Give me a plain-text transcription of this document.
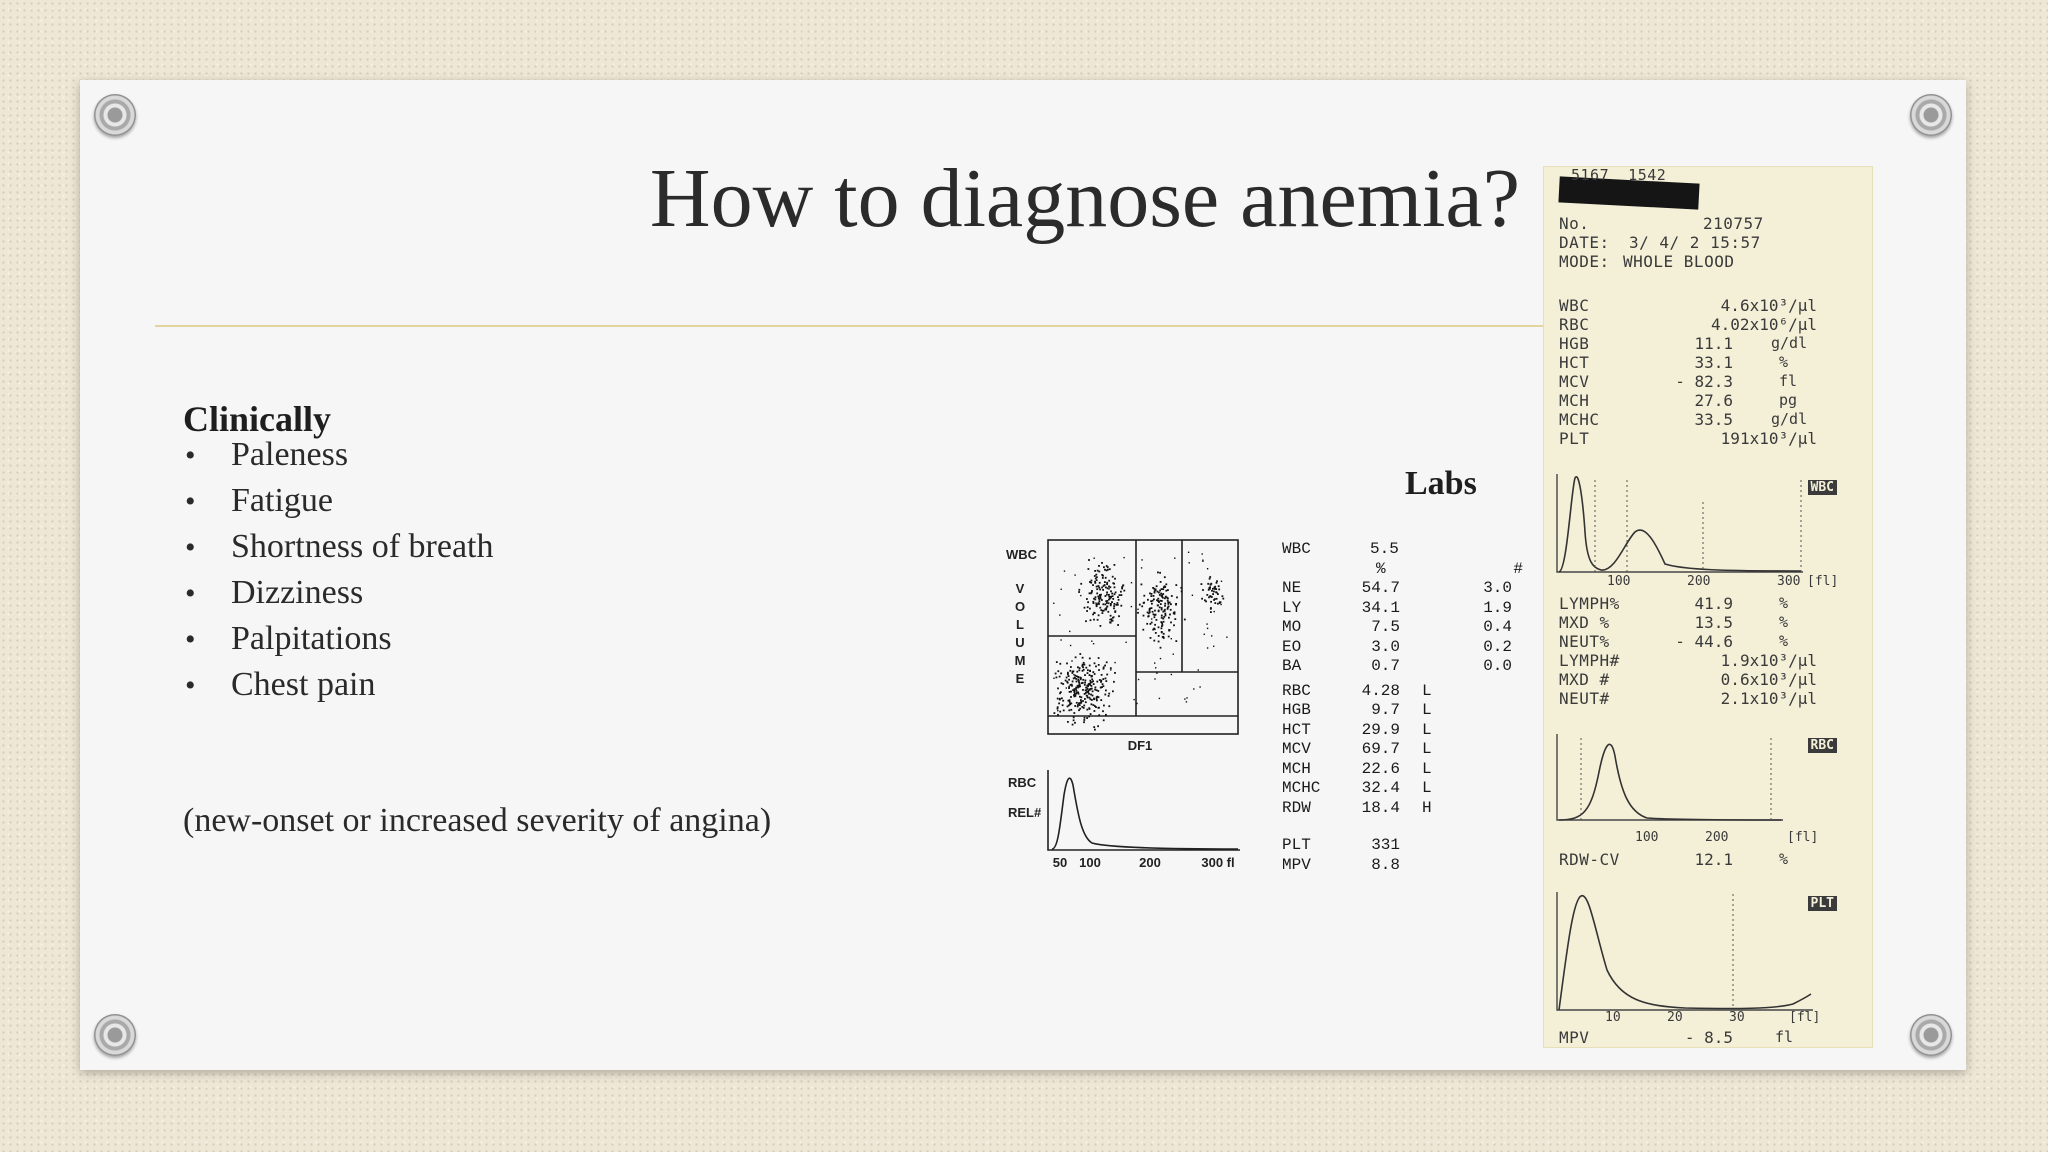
How to diagnose anemia?
Clinically
• Paleness
• Fatigue
• Shortness of breath
• Dizziness
• Palpitations
• Chest pain
(new-onset or increased severity of angina)
Labs
WBC
V
O
L
U
M
E
DF1
RBC
REL#
50 100	200	300 fl
WBC	5.5
%	#
NE	54.7	3.0
LY	34.1	1.9
MO	7.5	0.4
EO	3.0	0.2
BA	0.7	0.0
RBC	4.28 L
HGB	9.7 L
HCT	29.9 L
MCV	69.7 L
MCH	22.6 L
MCHC	32.4 L
RDW	18.4 H
PLT	331
MPV	8.8
5167  1542
No.	210757
DATE: 3/ 4/ 2 15:57
MODE: WHOLE BLOOD
WBC	4.6x10³/μl
RBC	4.02x10⁶/μl
HGB	11.1	g/dl
HCT	33.1	%
MCV	- 82.3	fl
MCH	27.6	pg
MCHC	33.5	g/dl
PLT	191x10³/μl
WBC
100	200	300 [fl]
LYMPH%	41.9	%
MXD %	13.5	%
NEUT%	- 44.6	%
LYMPH#	1.9x10³/μl
MXD #	0.6x10³/μl
NEUT#	2.1x10³/μl
RBC
100	200	[fl]
RDW-CV	12.1	%
PLT
10	20	30	[fl]
MPV	- 8.5	fl
